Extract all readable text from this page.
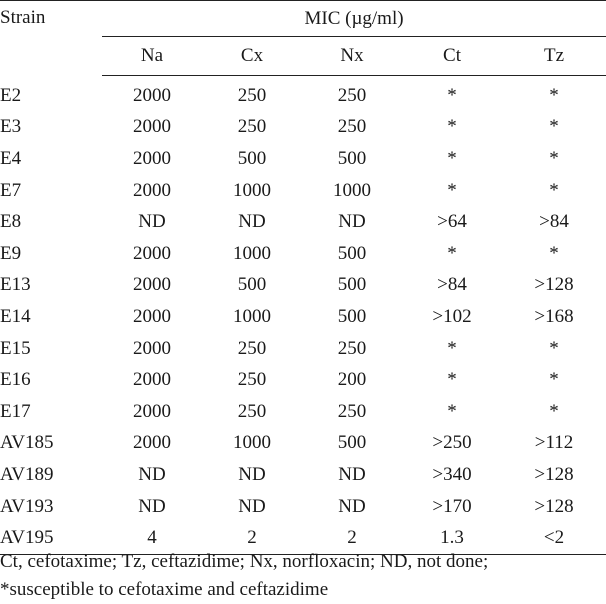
Strain	MIC (µg/ml)				
	Na	Cx	Nx	Ct	Tz
E2	2000	250	250	*	*
E3	2000	250	250	*	*
E4	2000	500	500	*	*
E7	2000	1000	1000	*	*
E8	ND	ND	ND	>64	>84
E9	2000	1000	500	*	*
E13	2000	500	500	>84	>128
E14	2000	1000	500	>102	>168
E15	2000	250	250	*	*
E16	2000	250	200	*	*
E17	2000	250	250	*	*
AV185	2000	1000	500	>250	>112
AV189	ND	ND	ND	>340	>128
AV193	ND	ND	ND	>170	>128
AV195	4	2	2	1.3	<2
Ct, cefotaxime; Tz, ceftazidime; Nx, norfloxacin; ND, not done;
*susceptible to cefotaxime and ceftazidime
